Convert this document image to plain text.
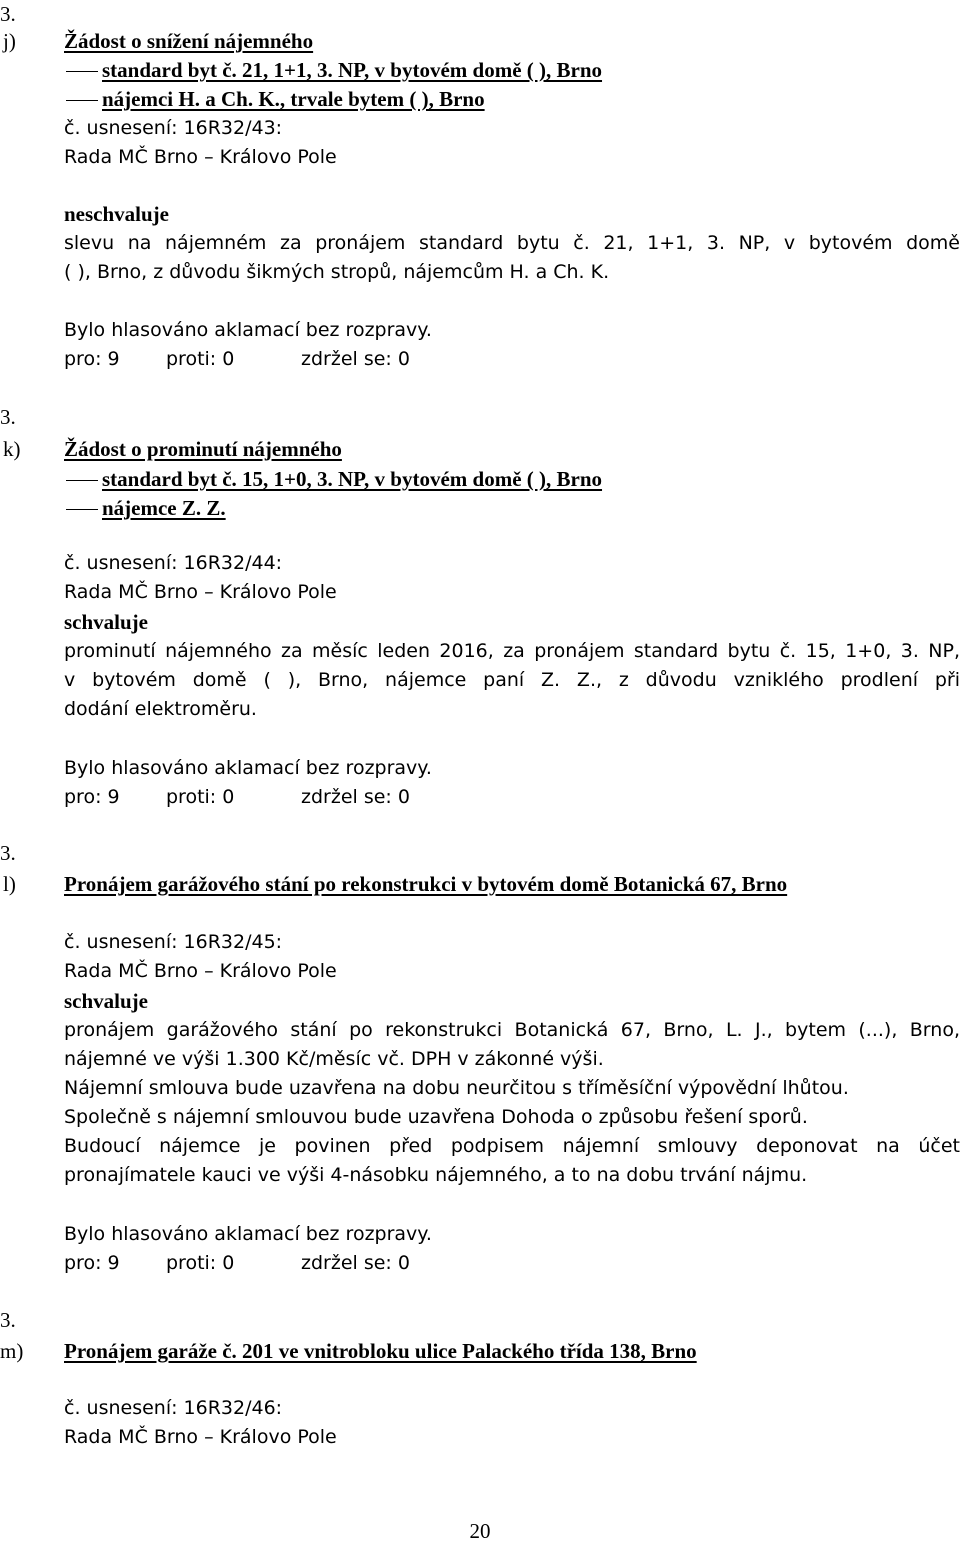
3.
j) Žádost o snížení nájemného
standard byt č. 21, 1+1, 3. NP, v bytovém domě ( ), Brno
nájemci H. a Ch. K., trvale bytem ( ), Brno
č. usnesení: 16R32/43:
Rada MČ Brno – Královo Pole
neschvaluje
slevu na nájemném za pronájem standard bytu č. 21, 1+1, 3. NP, v bytovém domě
( ), Brno, z důvodu šikmých stropů, nájemcům H. a Ch. K.
Bylo hlasováno aklamací bez rozpravy.
pro: 9 proti: 0	zdržel se: 0
3.
k) Žádost o prominutí nájemného
standard byt č. 15, 1+0, 3. NP, v bytovém domě ( ), Brno
nájemce Z. Z.
č. usnesení: 16R32/44:
Rada MČ Brno – Královo Pole
schvaluje
prominutí nájemného za měsíc leden 2016, za pronájem standard bytu č. 15, 1+0, 3. NP,
v bytovém domě ( ), Brno, nájemce paní Z. Z., z důvodu vzniklého prodlení při
dodání elektroměru.
Bylo hlasováno aklamací bez rozpravy.
pro: 9 proti: 0	zdržel se: 0
3.
l) Pronájem garážového stání po rekonstrukci v bytovém domě Botanická 67, Brno
č. usnesení: 16R32/45:
Rada MČ Brno – Královo Pole
schvaluje
pronájem garážového stání po rekonstrukci Botanická 67, Brno, L. J., bytem (...), Brno,
nájemné ve výši 1.300 Kč/měsíc vč. DPH v zákonné výši.
Nájemní smlouva bude uzavřena na dobu neurčitou s tříměsíční výpovědní lhůtou.
Společně s nájemní smlouvou bude uzavřena Dohoda o způsobu řešení sporů.
Budoucí nájemce je povinen před podpisem nájemní smlouvy deponovat na účet
pronajímatele kauci ve výši 4-násobku nájemného, a to na dobu trvání nájmu.
Bylo hlasováno aklamací bez rozpravy.
pro: 9 proti: 0	zdržel se: 0
3.
m) Pronájem garáže č. 201 ve vnitrobloku ulice Palackého třída 138, Brno
č. usnesení: 16R32/46:
Rada MČ Brno – Královo Pole
20
